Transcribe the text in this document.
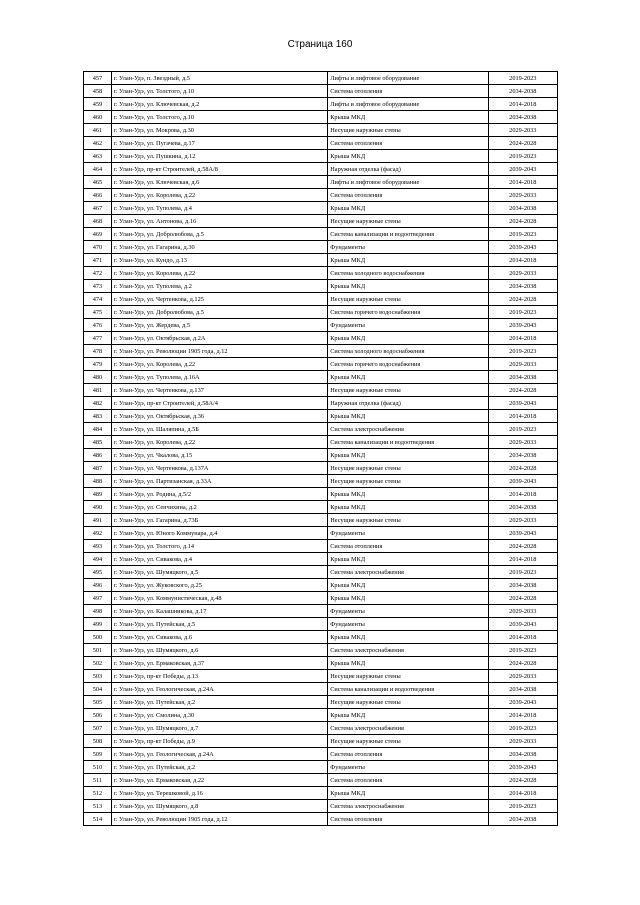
Страница 160
457	г. Улан-Удэ, п. Звездный, д.5	Лифты и лифтовое оборудование	2019-2023
458	г. Улан-Удэ, ул. Толстого, д.10	Система отопления	2034-2038
459	г. Улан-Удэ, ул. Ключевская, д.2	Лифты и лифтовое оборудование	2014-2018
460	г. Улан-Удэ, ул. Толстого, д.10	Крыша МКД	2034-2038
461	г. Улан-Удэ, ул. Мокрова, д.30	Несущие наружные стены	2029-2033
462	г. Улан-Удэ, ул. Пугачева, д.17	Система отопления	2024-2028
463	г. Улан-Удэ, ул. Пушкина, д.12	Крыша МКД	2019-2023
464	г. Улан-Удэ, пр-кт Строителей, д.58А/8	Наружная отделка (фасад)	2039-2043
465	г. Улан-Удэ, ул. Ключевская, д.6	Лифты и лифтовое оборудование	2014-2018
466	г. Улан-Удэ, ул. Королева, д.22	Система отопления	2029-2033
467	г. Улан-Удэ, ул. Туполева, д.4	Крыша МКД	2034-2038
468	г. Улан-Удэ, ул. Антонова, д.16	Несущие наружные стены	2024-2028
469	г. Улан-Удэ, ул. Добролюбова, д.5	Система канализации и водоотведения	2019-2023
470	г. Улан-Удэ, ул. Гагарина, д.30	Фундаменты	2039-2043
471	г. Улан-Удэ, ул. Кундо, д.13	Крыша МКД	2014-2018
472	г. Улан-Удэ, ул. Королева, д.22	Система холодного водоснабжения	2029-2033
473	г. Улан-Удэ, ул. Туполева, д.2	Крыша МКД	2034-2038
474	г. Улан-Удэ, ул. Чертенкова, д.125	Несущие наружные стены	2024-2028
475	г. Улан-Удэ, ул. Добролюбова, д.5	Система горячего водоснабжения	2019-2023
476	г. Улан-Удэ, ул. Жердева, д.5	Фундаменты	2039-2043
477	г. Улан-Удэ, ул. Октябрьская, д.2А	Крыша МКД	2014-2018
478	г. Улан-Удэ, ул. Революции 1905 года, д.12	Система холодного водоснабжения	2019-2023
479	г. Улан-Удэ, ул. Королева, д.22	Система горячего водоснабжения	2029-2033
480	г. Улан-Удэ, ул. Туполева, д.16А	Крыша МКД	2034-2038
481	г. Улан-Удэ, ул. Чертенкова, д.137	Несущие наружные стены	2024-2028
482	г. Улан-Удэ, пр-кт Строителей, д.58А/4	Наружная отделка (фасад)	2039-2043
483	г. Улан-Удэ, ул. Октябрьская, д.36	Крыша МКД	2014-2018
484	г. Улан-Удэ, ул. Шаляпина, д.5Б	Система электроснабжения	2019-2023
485	г. Улан-Удэ, ул. Королева, д.22	Система канализации и водоотведения	2029-2033
486	г. Улан-Удэ, ул. Чкалова, д.15	Крыша МКД	2034-2038
487	г. Улан-Удэ, ул. Чертенкова, д.137А	Несущие наружные стены	2024-2028
488	г. Улан-Удэ, ул. Партизанская, д.33А	Несущие наружные стены	2039-2043
489	г. Улан-Удэ, ул. Родина, д.5/2	Крыша МКД	2014-2018
490	г. Улан-Удэ, ул. Сенчихина, д.2	Крыша МКД	2034-2038
491	г. Улан-Удэ, ул. Гагарина, д.73Б	Несущие наружные стены	2029-2033
492	г. Улан-Удэ, ул. Юного Коммунара, д.4	Фундаменты	2039-2043
493	г. Улан-Удэ, ул. Толстого, д.14	Система отопления	2024-2028
494	г. Улан-Удэ, ул. Сивакова, д.4	Крыша МКД	2014-2018
495	г. Улан-Удэ, ул. Шумяцкого, д.5	Система электроснабжения	2019-2023
496	г. Улан-Удэ, ул. Жуковского, д.25	Крыша МКД	2034-2038
497	г. Улан-Удэ, ул. Коммунистическая, д.48	Крыша МКД	2024-2028
498	г. Улан-Удэ, ул. Калашникова, д.17	Фундаменты	2029-2033
499	г. Улан-Удэ, ул. Путейская, д.5	Фундаменты	2039-2043
500	г. Улан-Удэ, ул. Сивакова, д.6	Крыша МКД	2014-2018
501	г. Улан-Удэ, ул. Шумяцкого, д.6	Система электроснабжения	2019-2023
502	г. Улан-Удэ, ул. Ермаковская, д.37	Крыша МКД	2024-2028
503	г. Улан-Удэ, пр-кт Победы, д.13	Несущие наружные стены	2029-2033
504	г. Улан-Удэ, ул. Геологическая, д.24А	Система канализации и водоотведения	2034-2038
505	г. Улан-Удэ, ул. Путейская, д.2	Несущие наружные стены	2039-2043
506	г. Улан-Удэ, ул. Смолина, д.30	Крыша МКД	2014-2018
507	г. Улан-Удэ, ул. Шумяцкого, д.7	Система электроснабжения	2019-2023
508	г. Улан-Удэ, пр-кт Победы, д.9	Несущие наружные стены	2029-2033
509	г. Улан-Удэ, ул. Геологическая, д.24А	Система отопления	2034-2038
510	г. Улан-Удэ, ул. Путейская, д.2	Фундаменты	2039-2043
511	г. Улан-Удэ, ул. Ермаковская, д.22	Система отопления	2024-2028
512	г. Улан-Удэ, ул. Терешковой, д.16	Крыша МКД	2014-2018
513	г. Улан-Удэ, ул. Шумяцкого, д.8	Система электроснабжения	2019-2023
514	г. Улан-Удэ, ул. Революции 1905 года, д.12	Система отопления	2034-2038
